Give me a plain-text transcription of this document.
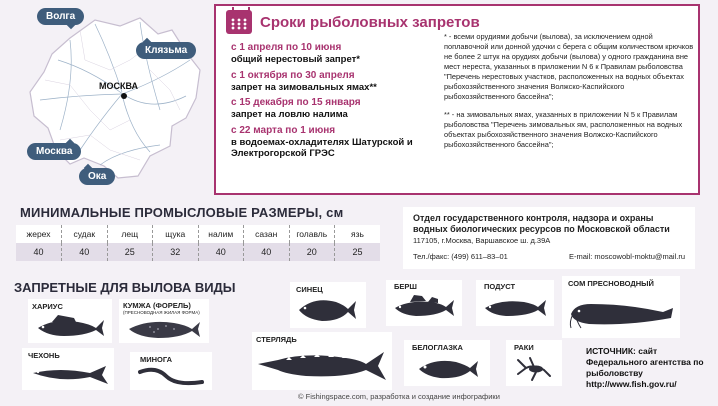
МОСКВА
Волга
Клязьма
Москва
Ока
Сроки рыболовных запретов
с 1 апреля по 10 июня
общий нерестовый запрет*
с 1 октября по 30 апреля
запрет на зимовальных ямах**
с 15 декабря по 15 января
запрет на ловлю налима
с 22 марта по 1 июня
в водоемах-охладителях Шатурской и Электрогорской ГРЭС

* - всеми орудиями добычи (вылова), за исключением одной поплавочной или донной удочки с берега с общим количеством крючков не более 2 штук на орудиях добычи (вылова) у одного гражданина вне мест нереста, указанных в приложении N 6 к Правилам рыболовства "Перечень нерестовых участков, расположенных на водных объектах рыбохозяйственного значения Волжско-Каспийского рыбохозяйственного бассейна";

** - на зимовальных ямах, указанных в приложении N 5 к Правилам рыболовства "Перечень зимовальных ям, расположенных на водных объектах рыбохозяйственного значения Волжско-Каспийского рыбохозяйственного бассейна";

МИНИМАЛЬНЫЕ ПРОМЫСЛОВЫЕ РАЗМЕРЫ, см
жерех	судак	лещ	щука	налим	сазан	голавль	язь
40	40	25	32	40	40	20	25
Отдел государственного контроля, надзора и охраны водных биологических ресурсов по Московской области
117105, г.Москва, Варшавское ш. д.39А
Тел./факс: (499) 611–83–01	E-mail: moscowobl-moktu@mail.ru
ЗАПРЕТНЫЕ ДЛЯ ВЫЛОВА ВИДЫ
ХАРИУС	КУМЖА (ФОРЕЛЬ)
(ПРЕСНОВОДНАЯ ЖИЛАЯ ФОРМА)
ЧЕХОНЬ	МИНОГА
СИНЕЦ
СТЕРЛЯДЬ
БЕРШ	ПОДУСТ	СОМ ПРЕСНОВОДНЫЙ
БЕЛОГЛАЗКА	РАКИ	ИСТОЧНИК: сайт Федерального агентства по рыболовству http://www.fish.gov.ru/
© Fishingspace.com, разработка и создание инфографики
